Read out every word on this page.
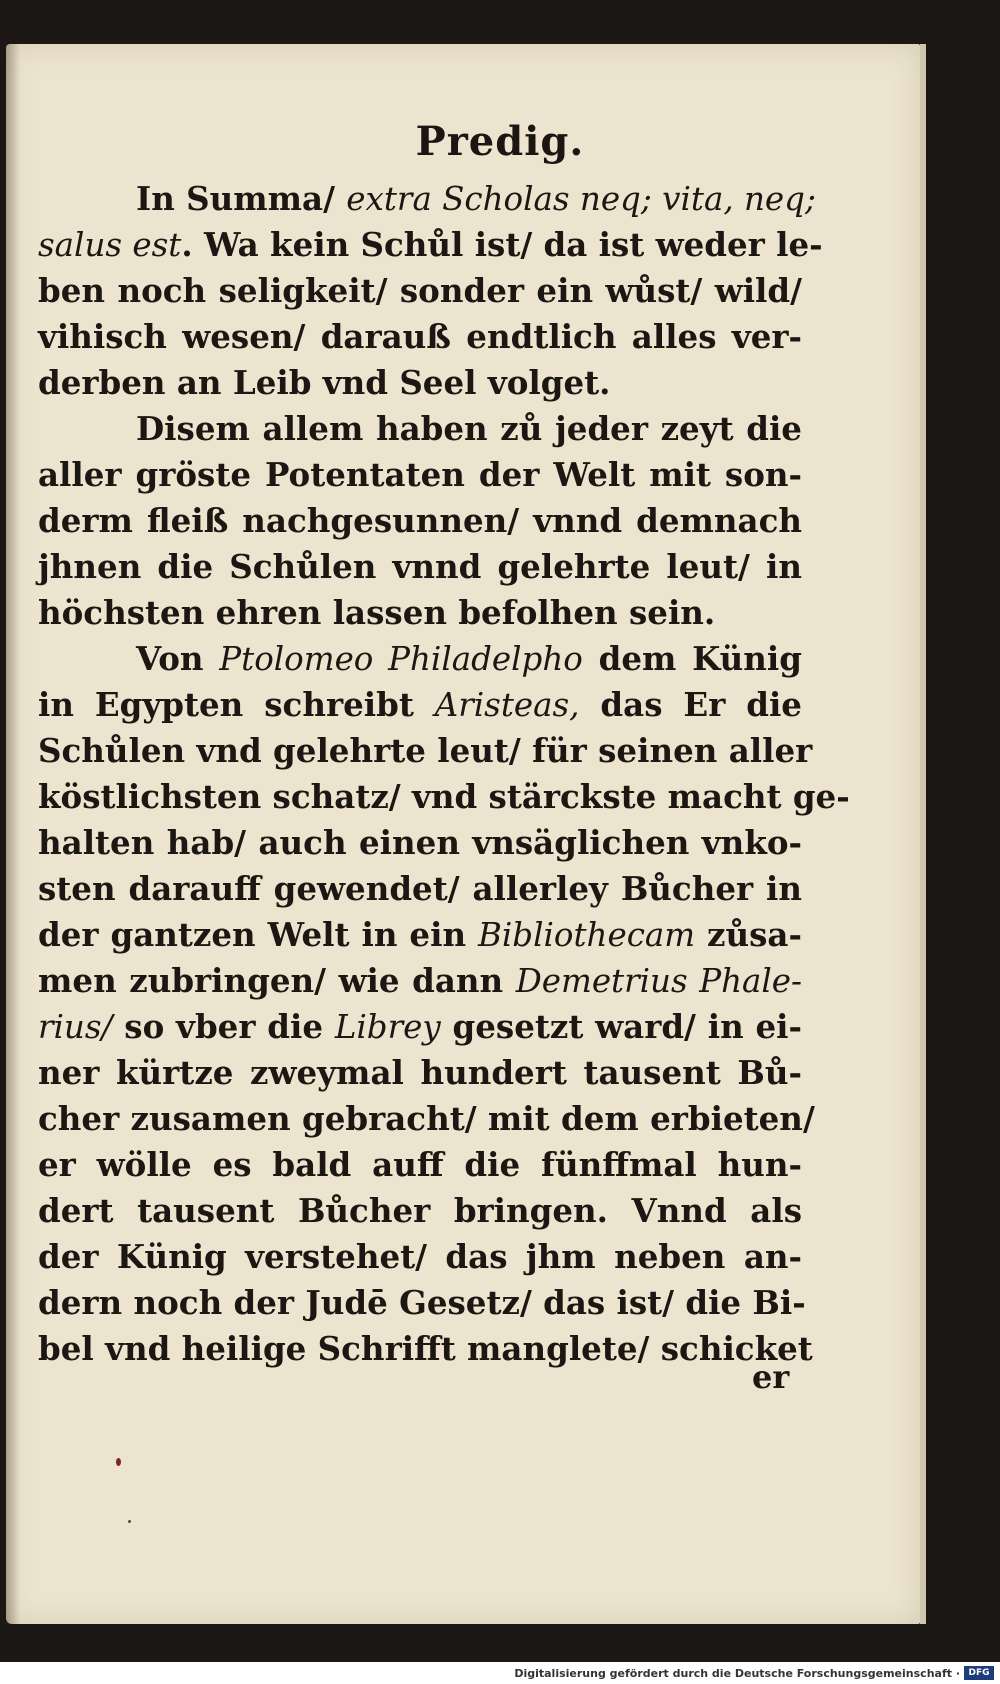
Predig.
In Summa/ extra Scholas neq; vita, neq;
salus est. Wa kein Schůl ist/ da ist weder le-
ben noch seligkeit/ sonder ein wůst/ wild/
vihisch wesen/ darauß endtlich alles ver-
derben an Leib vnd Seel volget.
Disem allem haben zů jeder zeyt die
aller gröste Potentaten der Welt mit son-
derm fleiß nachgesunnen/ vnnd demnach
jhnen die Schůlen vnnd gelehrte leut/ in
höchsten ehren lassen befolhen sein.
Von Ptolomeo Philadelpho dem Künig
in Egypten schreibt Aristeas, das Er die
Schůlen vnd gelehrte leut/ für seinen aller
köstlichsten schatz/ vnd stärckste macht ge-
halten hab/ auch einen vnsäglichen vnko-
sten darauff gewendet/ allerley Bůcher in
der gantzen Welt in ein Bibliothecam zůsa-
men zubringen/ wie dann Demetrius Phale-
rius/ so vber die Librey gesetzt ward/ in ei-
ner kürtze zweymal hundert tausent Bů-
cher zusamen gebracht/ mit dem erbieten/
er wölle es bald auff die fünffmal hun-
dert tausent Bůcher bringen. Vnnd als
der Künig verstehet/ das jhm neben an-
dern noch der Judē Gesetz/ das ist/ die Bi-
bel vnd heilige Schrifft manglete/ schicket
er
Digitalisierung gefördert durch die Deutsche Forschungsgemeinschaft · DFG
